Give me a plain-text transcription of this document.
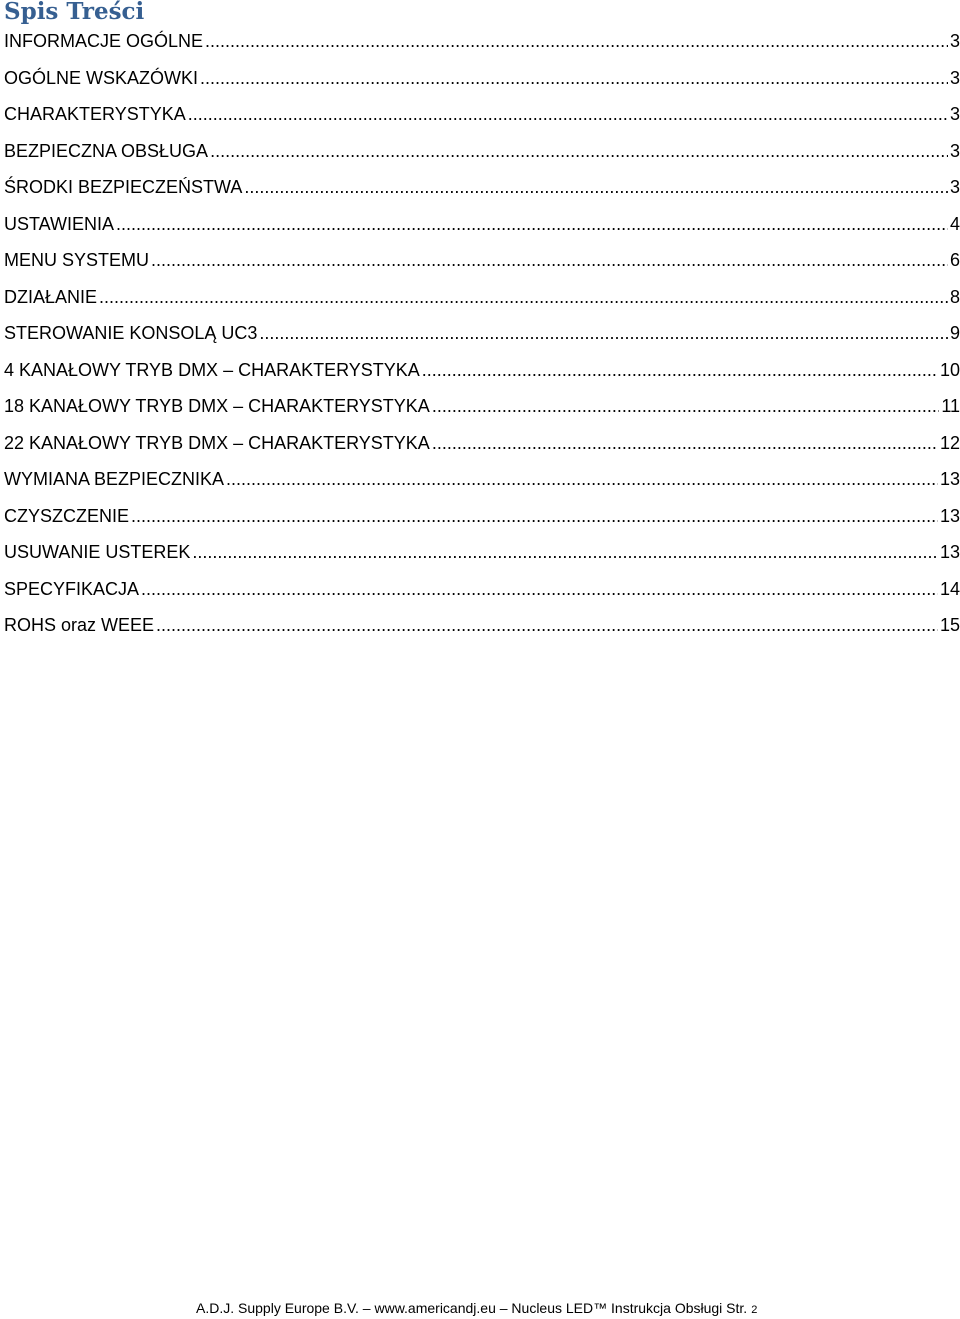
Spis Treści
INFORMACJE OGÓLNE .....	3
OGÓLNE WSKAZÓWKI .....	3
CHARAKTERYSTYKA .....	3
BEZPIECZNA OBSŁUGA .....	3
ŚRODKI BEZPIECZEŃSTWA .....	3
USTAWIENIA .....	4
MENU SYSTEMU .....	6
DZIAŁANIE .....	8
STEROWANIE KONSOLĄ UC3 .....	9
4 KANAŁOWY TRYB DMX – CHARAKTERYSTYKA .....	10
18 KANAŁOWY TRYB DMX – CHARAKTERYSTYKA .....	11
22 KANAŁOWY TRYB DMX – CHARAKTERYSTYKA .....	12
WYMIANA BEZPIECZNIKA .....	13
CZYSZCZENIE .....	13
USUWANIE USTEREK .....	13
SPECYFIKACJA .....	14
ROHS oraz WEEE .....	15
A.D.J. Supply Europe B.V. – www.americandj.eu – Nucleus LED™ Instrukcja Obsługi Str. 2
